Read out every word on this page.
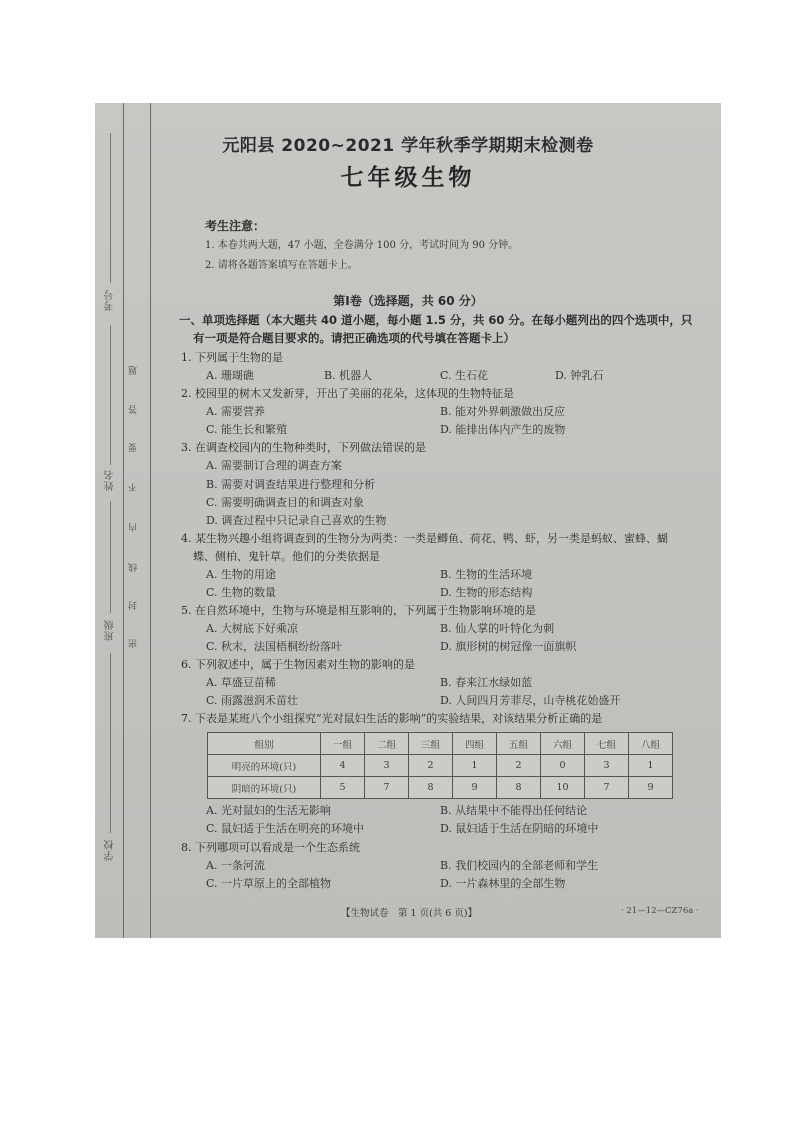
考号
姓名
班级
学校
题
答
要
不
内
线
封
密
元阳县 2020~2021 学年秋季学期期末检测卷
七年级生物
考生注意：
1. 本卷共两大题，47 小题，全卷满分 100 分，考试时间为 90 分钟。
2. 请将各题答案填写在答题卡上。
第Ⅰ卷（选择题，共 60 分）
一、单项选择题（本大题共 40 道小题，每小题 1.5 分，共 60 分。在每小题列出的四个选项中，只
有一项是符合题目要求的。请把正确选项的代号填在答题卡上）
1. 下列属于生物的是
A. 珊瑚礁	B. 机器人	C. 生石花	D. 钟乳石
2. 校园里的树木又发新芽，开出了美丽的花朵，这体现的生物特征是
A. 需要营养	B. 能对外界刺激做出反应
C. 能生长和繁殖	D. 能排出体内产生的废物
3. 在调查校园内的生物种类时，下列做法错误的是
A. 需要制订合理的调查方案
B. 需要对调查结果进行整理和分析
C. 需要明确调查目的和调查对象
D. 调查过程中只记录自己喜欢的生物
4. 某生物兴趣小组将调查到的生物分为两类：一类是鲫鱼、荷花、鸭、虾，另一类是蚂蚁、蜜蜂、蝴
蝶、侧柏、鬼针草。他们的分类依据是
A. 生物的用途	B. 生物的生活环境
C. 生物的数量	D. 生物的形态结构
5. 在自然环境中，生物与环境是相互影响的，下列属于生物影响环境的是
A. 大树底下好乘凉	B. 仙人掌的叶特化为刺
C. 秋末，法国梧桐纷纷落叶	D. 旗形树的树冠像一面旗帜
6. 下列叙述中，属于生物因素对生物的影响的是
A. 草盛豆苗稀	B. 春来江水绿如蓝
C. 雨露滋润禾苗壮	D. 人间四月芳菲尽，山寺桃花始盛开
7. 下表是某班八个小组探究“光对鼠妇生活的影响”的实验结果，对该结果分析正确的是
组别	一组	二组	三组	四组	五组	六组	七组	八组
明亮的环境(只)	4	3	2	1	2	0	3	1
阴暗的环境(只)	5	7	8	9	8	10	7	9
A. 光对鼠妇的生活无影响	B. 从结果中不能得出任何结论
C. 鼠妇适于生活在明亮的环境中	D. 鼠妇适于生活在阴暗的环境中
8. 下列哪项可以看成是一个生态系统
A. 一条河流	B. 我们校园内的全部老师和学生
C. 一片草原上的全部植物	D. 一片森林里的全部生物
【生物试卷　第 1 页(共 6 页)】	· 21—12—CZ76a ·
